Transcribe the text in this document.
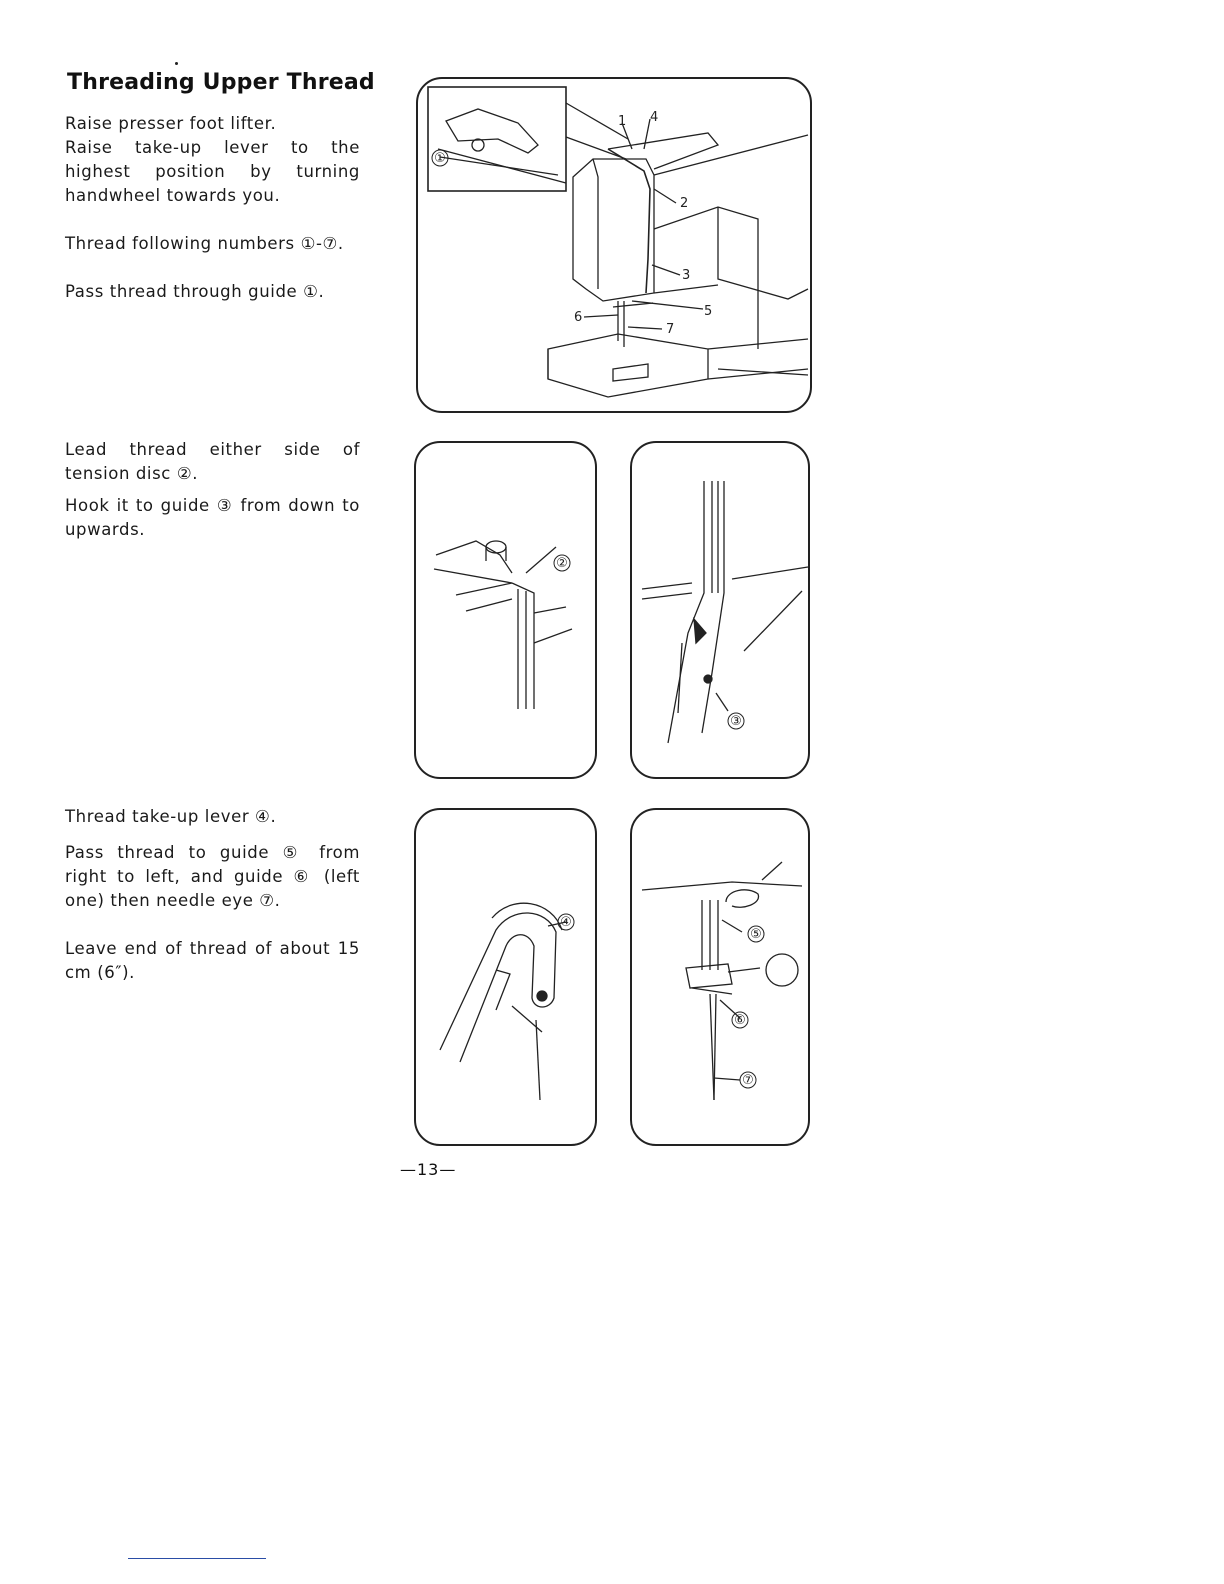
Threading Upper Thread

Raise presser foot lifter.

Raise take-up lever to the highest position by turning handwheel towards you.

Thread following numbers ①-⑦.

Pass thread through guide ①.

Lead thread either side of tension disc ②.

Hook it to guide ③ from down to upwards.

Thread take-up lever ④.

Pass thread to guide ⑤ from right to left, and guide ⑥ (left one) then needle eye ⑦.

Leave end of thread of about 15 cm (6″).

①
1 4
2
3
5
6
7
②
③
④
⑤
⑥
⑦
—13—
